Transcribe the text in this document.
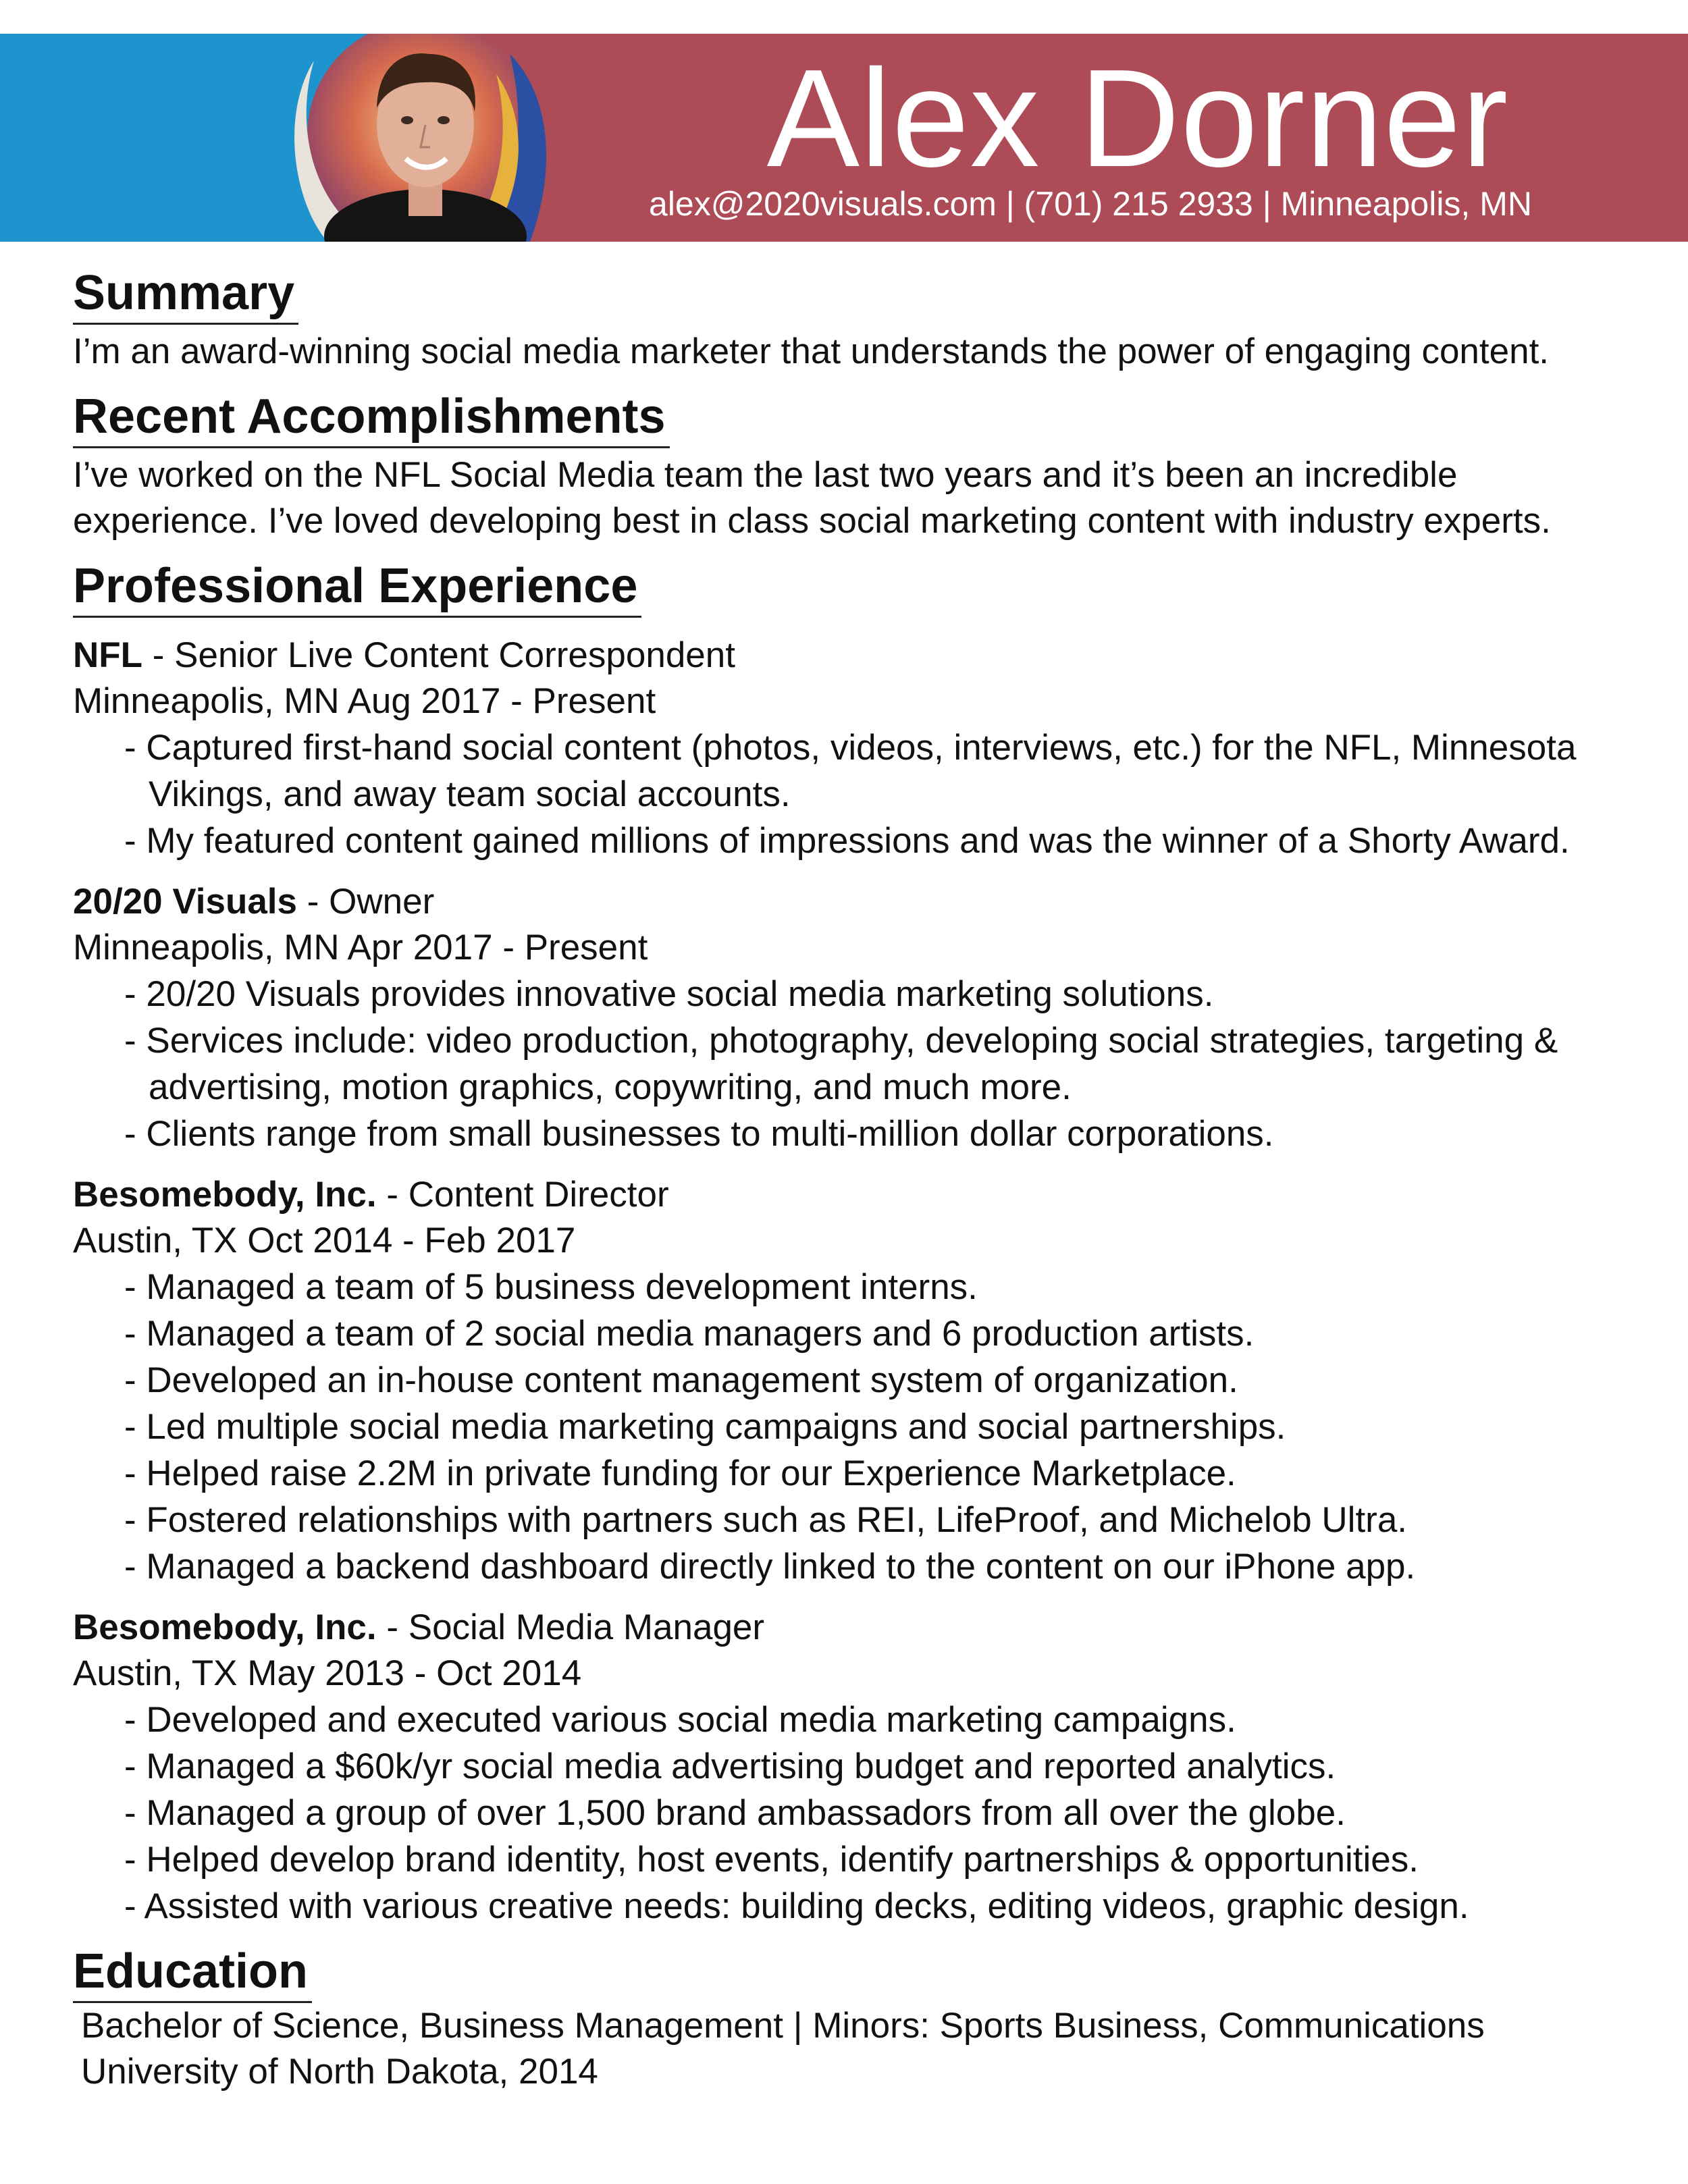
Alex Dorner
alex@2020visuals.com | (701) 215 2933 | Minneapolis, MN
Summary

I’m an award-winning social media marketer that understands the power of engaging content.

Recent Accomplishments

I’ve worked on the NFL Social Media team the last two years and it’s been an incredible experience. I’ve loved developing best in class social marketing content with industry experts.

Professional Experience

NFL - Senior Live Content Correspondent

Minneapolis, MN Aug 2017 - Present

- Captured first-hand social content (photos, videos, interviews, etc.) for the NFL, Minnesota Vikings, and away team social accounts.
- My featured content gained millions of impressions and was the winner of a Shorty Award.

20/20 Visuals - Owner

Minneapolis, MN Apr 2017 - Present

- 20/20 Visuals provides innovative social media marketing solutions.
- Services include: video production, photography, developing social strategies, targeting & advertising, motion graphics, copywriting, and much more.
- Clients range from small businesses to multi-million dollar corporations.

Besomebody, Inc. - Content Director

Austin, TX Oct 2014 - Feb 2017

- Managed a team of 5 business development interns.
- Managed a team of 2 social media managers and 6 production artists.
- Developed an in-house content management system of organization.
- Led multiple social media marketing campaigns and social partnerships.
- Helped raise 2.2M in private funding for our Experience Marketplace.
- Fostered relationships with partners such as REI, LifeProof, and Michelob Ultra.
- Managed a backend dashboard directly linked to the content on our iPhone app.

Besomebody, Inc. - Social Media Manager

Austin, TX May 2013 - Oct 2014

- Developed and executed various social media marketing campaigns.
- Managed a $60k/yr social media advertising budget and reported analytics.
- Managed a group of over 1,500 brand ambassadors from all over the globe.
- Helped develop brand identity, host events, identify partnerships & opportunities.
- Assisted with various creative needs: building decks, editing videos, graphic design.
Education

Bachelor of Science, Business Management | Minors: Sports Business, Communications

University of North Dakota, 2014
